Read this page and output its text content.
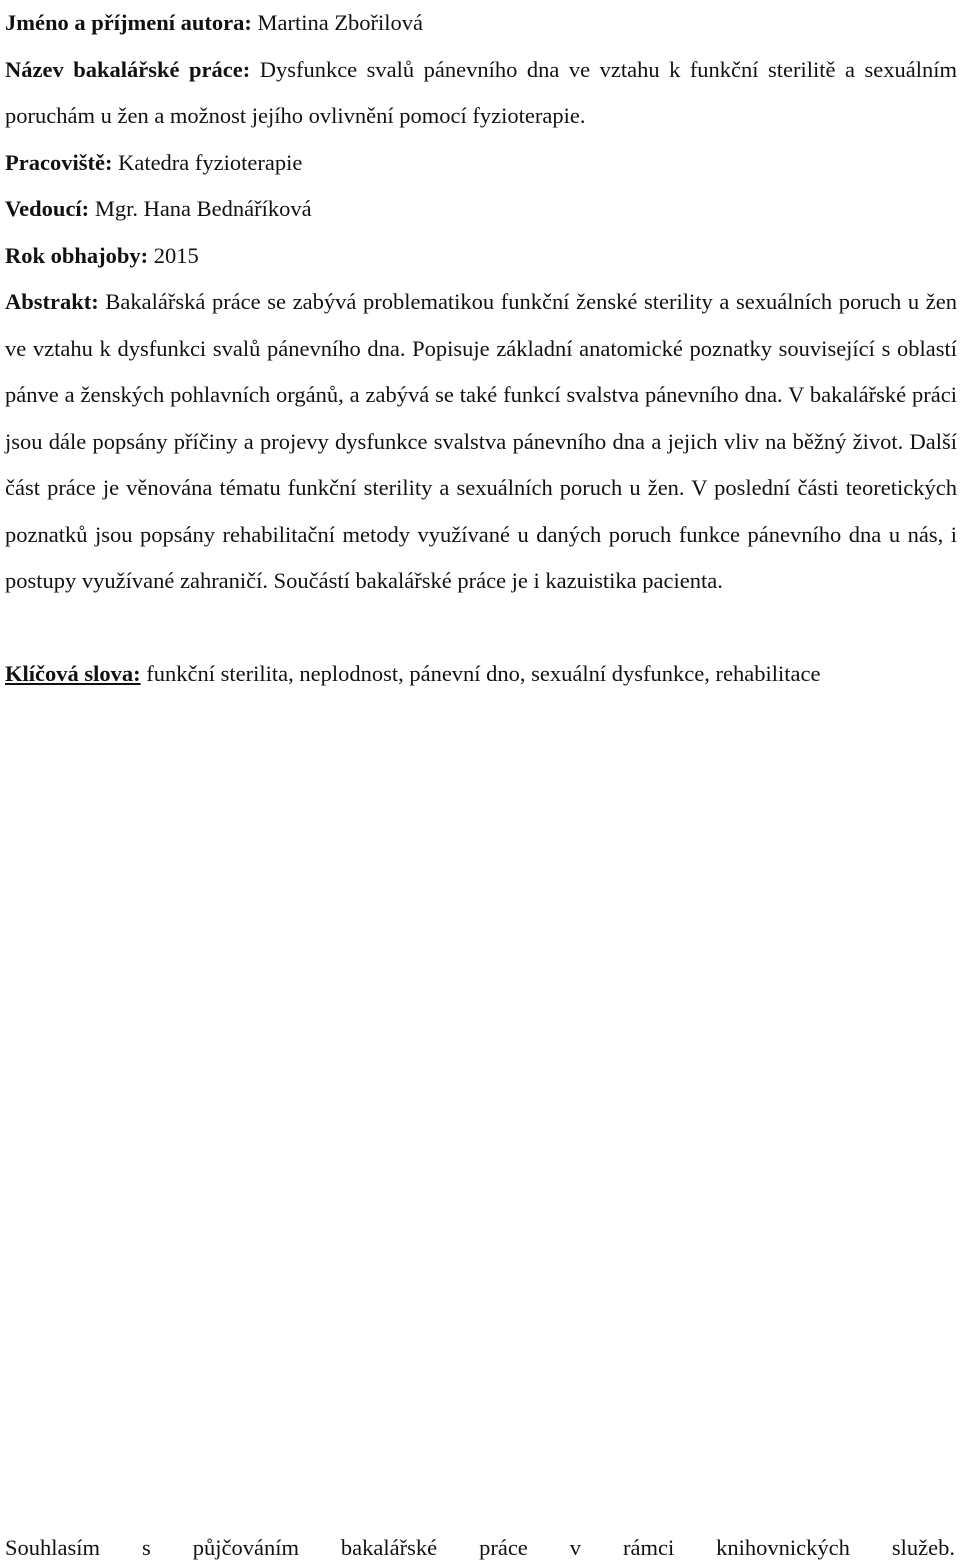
Jméno a příjmení autora: Martina Zbořilová

Název bakalářské práce: Dysfunkce svalů pánevního dna ve vztahu k funkční sterilitě a sexuálním poruchám u žen a možnost jejího ovlivnění pomocí fyzioterapie.

Pracoviště: Katedra fyzioterapie

Vedoucí: Mgr. Hana Bednáříková

Rok obhajoby: 2015

Abstrakt: Bakalářská práce se zabývá problematikou funkční ženské sterility a sexuálních poruch u žen ve vztahu k dysfunkci svalů pánevního dna. Popisuje základní anatomické poznatky související s oblastí pánve a ženských pohlavních orgánů, a zabývá se také funkcí svalstva pánevního dna. V bakalářské práci jsou dále popsány příčiny a projevy dysfunkce svalstva pánevního dna a jejich vliv na běžný život. Další část práce je věnována tématu funkční sterility a sexuálních poruch u žen. V poslední části teoretických poznatků jsou popsány rehabilitační metody využívané u daných poruch funkce pánevního dna u nás, i postupy využívané zahraničí. Součástí bakalářské práce je i kazuistika pacienta.

Klíčová slova: funkční sterilita, neplodnost, pánevní dno, sexuální dysfunkce, rehabilitace

Souhlasím s půjčováním bakalářské práce v rámci knihovnických služeb.
